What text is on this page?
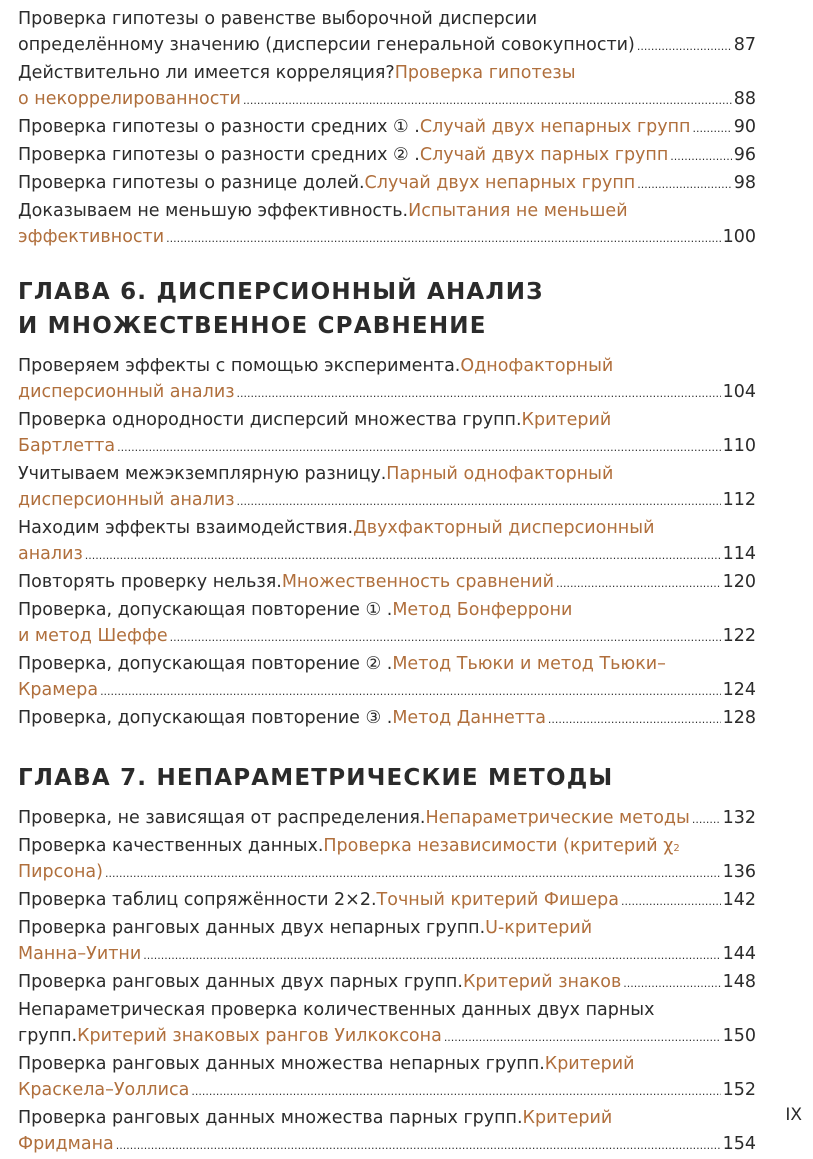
Проверка гипотезы о равенстве выборочной дисперсии
определённому значению (дисперсии генеральной совокупности) .....	87
Действительно ли имеется корреляция? Проверка гипотезы
о некоррелированности .....	88
Проверка гипотезы о разности средних ① . Случай двух непарных групп ..... 90
Проверка гипотезы о разности средних ② . Случай двух парных групп .....	96
Проверка гипотезы о разнице долей. Случай двух непарных групп .....	98
Доказываем не меньшую эффективность. Испытания не меньшей
эффективности .....	100
ГЛАВА 6. ДИСПЕРСИОННЫЙ АНАЛИЗ
И МНОЖЕСТВЕННОЕ СРАВНЕНИЕ
Проверяем эффекты с помощью эксперимента. Однофакторный
дисперсионный анализ .....	104
Проверка однородности дисперсий множества групп. Критерий
Бартлетта .....	110
Учитываем межэкземплярную разницу. Парный однофакторный
дисперсионный анализ .....	112
Находим эффекты взаимодействия. Двухфакторный дисперсионный
анализ .....	114
Повторять проверку нельзя. Множественность сравнений .....	120
Проверка, допускающая повторение ① . Метод Бонферрони
и метод Шеффе .....	122
Проверка, допускающая повторение ② . Метод Тьюки и метод Тьюки–
Крамера .....	124
Проверка, допускающая повторение ③ . Метод Даннетта .....	128
ГЛАВА 7. НЕПАРАМЕТРИЧЕСКИЕ МЕТОДЫ
Проверка, не зависящая от распределения. Непараметрические методы ..... 132
Проверка качественных данных. Проверка независимости (критерий χ 2
Пирсона) .....	136
Проверка таблиц сопряжённости 2×2. Точный критерий Фишера .....	142
Проверка ранговых данных двух непарных групп. U-критерий
Манна–Уитни .....	144
Проверка ранговых данных двух парных групп. Критерий знаков .....	148
Непараметрическая проверка количественных данных двух парных
групп. Критерий знаковых рангов Уилкоксона .....	150
Проверка ранговых данных множества непарных групп. Критерий
Краскела–Уоллиса .....	152
Проверка ранговых данных множества парных групп. Критерий
Фридмана .....	154
IX
